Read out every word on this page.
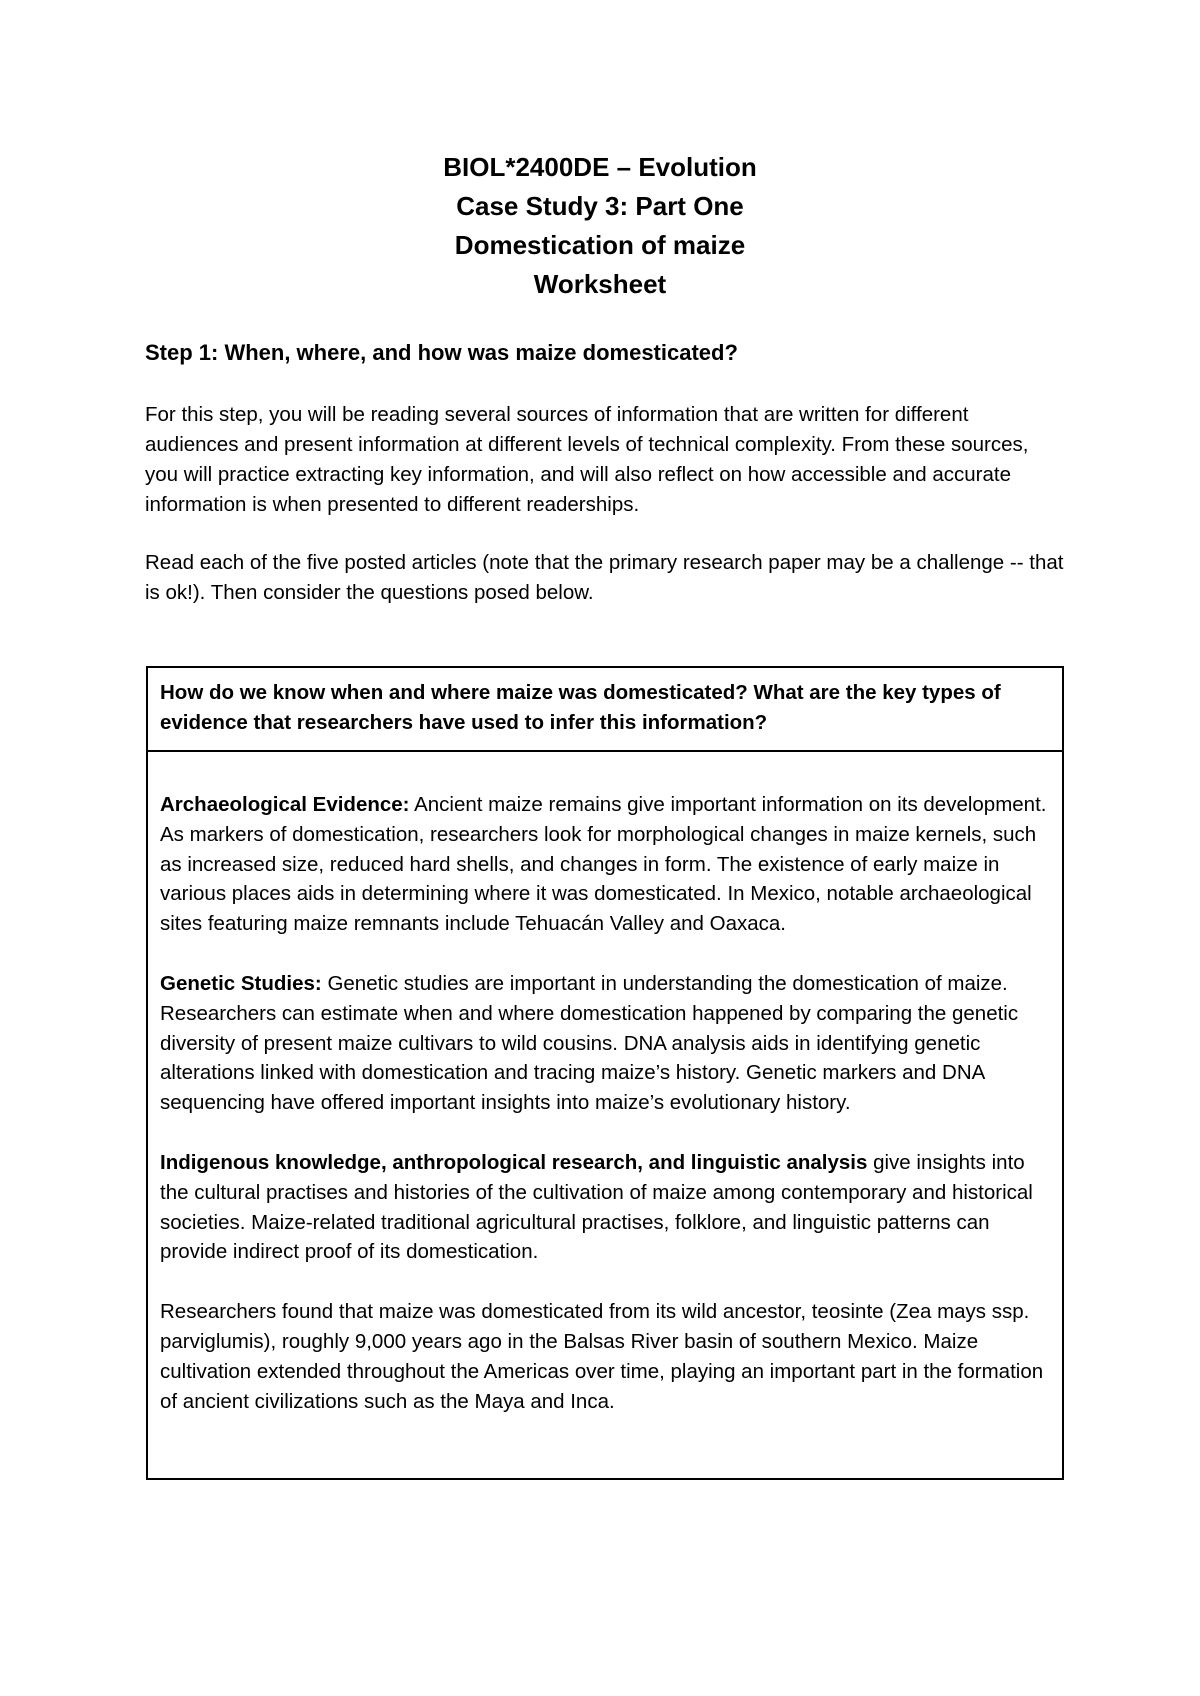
BIOL*2400DE – Evolution
Case Study 3: Part One
Domestication of maize
Worksheet
Step 1: When, where, and how was maize domesticated?
For this step, you will be reading several sources of information that are written for different audiences and present information at different levels of technical complexity. From these sources, you will practice extracting key information, and will also reflect on how accessible and accurate information is when presented to different readerships.
Read each of the five posted articles (note that the primary research paper may be a challenge -- that is ok!). Then consider the questions posed below.
How do we know when and where maize was domesticated? What are the key types of evidence that researchers have used to infer this information?

Archaeological Evidence: Ancient maize remains give important information on its development. As markers of domestication, researchers look for morphological changes in maize kernels, such as increased size, reduced hard shells, and changes in form. The existence of early maize in various places aids in determining where it was domesticated. In Mexico, notable archaeological sites featuring maize remnants include Tehuacán Valley and Oaxaca.

Genetic Studies: Genetic studies are important in understanding the domestication of maize. Researchers can estimate when and where domestication happened by comparing the genetic diversity of present maize cultivars to wild cousins. DNA analysis aids in identifying genetic alterations linked with domestication and tracing maize’s history. Genetic markers and DNA sequencing have offered important insights into maize’s evolutionary history.

Indigenous knowledge, anthropological research, and linguistic analysis give insights into the cultural practises and histories of the cultivation of maize among contemporary and historical societies. Maize-related traditional agricultural practises, folklore, and linguistic patterns can provide indirect proof of its domestication.

Researchers found that maize was domesticated from its wild ancestor, teosinte (Zea mays ssp. parviglumis), roughly 9,000 years ago in the Balsas River basin of southern Mexico. Maize cultivation extended throughout the Americas over time, playing an important part in the formation of ancient civilizations such as the Maya and Inca.
